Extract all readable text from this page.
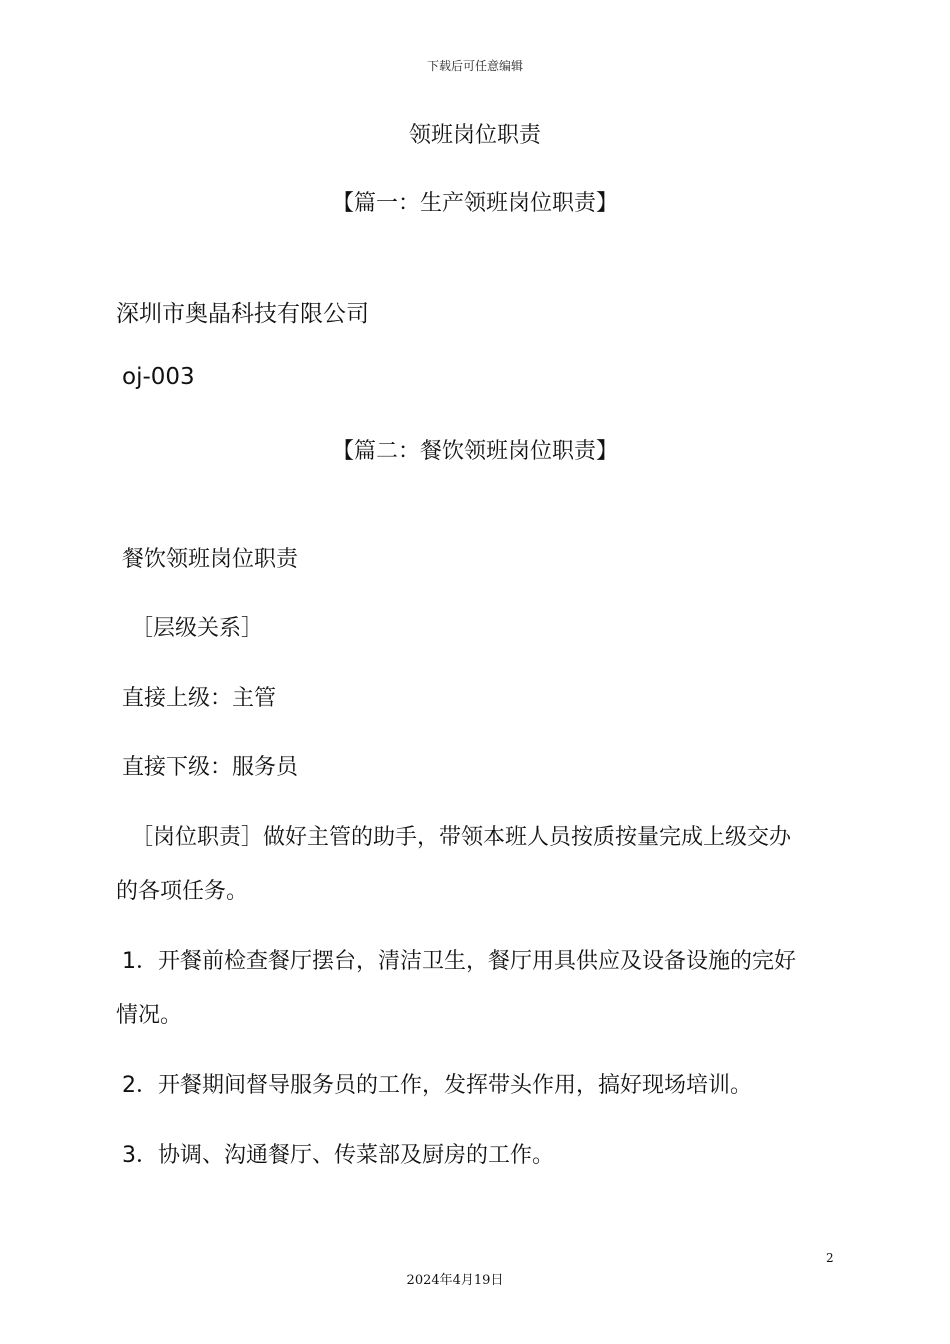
下载后可任意编辑
领班岗位职责
【篇一：生产领班岗位职责】
深圳市奥晶科技有限公司
oj-003
【篇二：餐饮领班岗位职责】
餐饮领班岗位职责
［层级关系］
直接上级：主管
直接下级：服务员
［岗位职责］做好主管的助手，带领本班人员按质按量完成上级交办
的各项任务。
1．开餐前检查餐厅摆台，清洁卫生，餐厅用具供应及设备设施的完好
情况。
2．开餐期间督导服务员的工作，发挥带头作用，搞好现场培训。
3．协调、沟通餐厅、传菜部及厨房的工作。
2
2024年4月19日
